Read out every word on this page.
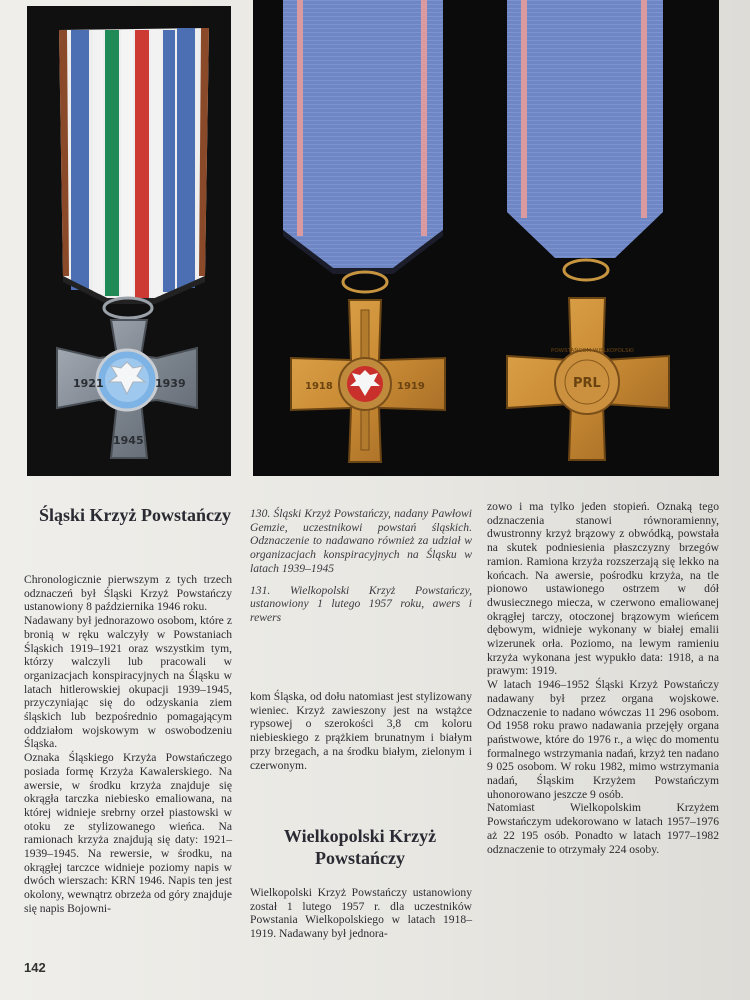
1921	1939
1945
1918	1919	PRL
POWSTAŃCOM WIELKOPOLSKI
Śląski Krzyż Powstańczy

Chronologicznie pierwszym z tych trzech odznaczeń był Śląski Krzyż Powstańczy ustanowiony 8 października 1946 roku.

Nadawany był jednorazowo osobom, które z bronią w ręku walczyły w Powstaniach Śląskich 1919–1921 oraz wszystkim tym, którzy walczyli lub pracowali w organizacjach konspiracyjnych na Śląsku w latach hitlerowskiej okupacji 1939–1945, przyczyniając się do odzyskania ziem śląskich lub bezpośrednio pomagającym oddziałom wojskowym w oswobodzeniu Śląska.

Oznaka Śląskiego Krzyża Powstańczego posiada formę Krzyża Kawalerskiego. Na awersie, w środku krzyża znajduje się okrągła tarczka niebiesko emaliowana, na której widnieje srebrny orzeł piastowski w otoku ze stylizowanego wieńca. Na ramionach krzyża znajdują się daty: 1921–1939–1945. Na rewersie, w środku, na okrągłej tarczce widnieje poziomy napis w dwóch wierszach: KRN 1946. Napis ten jest okolony, wewnątrz obrzeża od góry znajduje się napis Bojowni-

130. Śląski Krzyż Powstańczy, nadany Pawłowi Gemzie, uczestnikowi powstań śląskich. Odznaczenie to nadawano również za udział w organizacjach konspiracyjnych na Śląsku w latach 1939–1945

131. Wielkopolski Krzyż Powstańczy, ustanowiony 1 lutego 1957 roku, awers i rewers

kom Śląska, od dołu natomiast jest stylizowany wieniec. Krzyż zawieszony jest na wstążce rypsowej o szerokości 3,8 cm koloru niebieskiego z prążkiem brunatnym i białym przy brzegach, a na środku białym, zielonym i czerwonym.

Wielkopolski Krzyż Powstańczy

Wielkopolski Krzyż Powstańczy ustanowiony został 1 lutego 1957 r. dla uczestników Powstania Wielkopolskiego w latach 1918–1919. Nadawany był jednora-

zowo i ma tylko jeden stopień. Oznaką tego odznaczenia stanowi równoramienny, dwustronny krzyż brązowy z obwódką, powstała na skutek podniesienia płaszczyzny brzegów ramion. Ramiona krzyża rozszerzają się lekko na końcach. Na awersie, pośrodku krzyża, na tle pionowo ustawionego ostrzem w dół dwusiecznego miecza, w czerwono emaliowanej okrągłej tarczy, otoczonej brązowym wieńcem dębowym, widnieje wykonany w białej emalii wizerunek orła. Poziomo, na lewym ramieniu krzyża wykonana jest wypukło data: 1918, a na prawym: 1919.

W latach 1946–1952 Śląski Krzyż Powstańczy nadawany był przez organa wojskowe. Odznaczenie to nadano wówczas 11 296 osobom. Od 1958 roku prawo nadawania przejęły organa państwowe, które do 1976 r., a więc do momentu formalnego wstrzymania nadań, krzyż ten nadano 9 025 osobom. W roku 1982, mimo wstrzymania nadań, Śląskim Krzyżem Powstańczym uhonorowano jeszcze 9 osób.

Natomiast Wielkopolskim Krzyżem Powstańczym udekorowano w latach 1957–1976 aż 22 195 osób. Ponadto w latach 1977–1982 odznaczenie to otrzymały 224 osoby.

142
